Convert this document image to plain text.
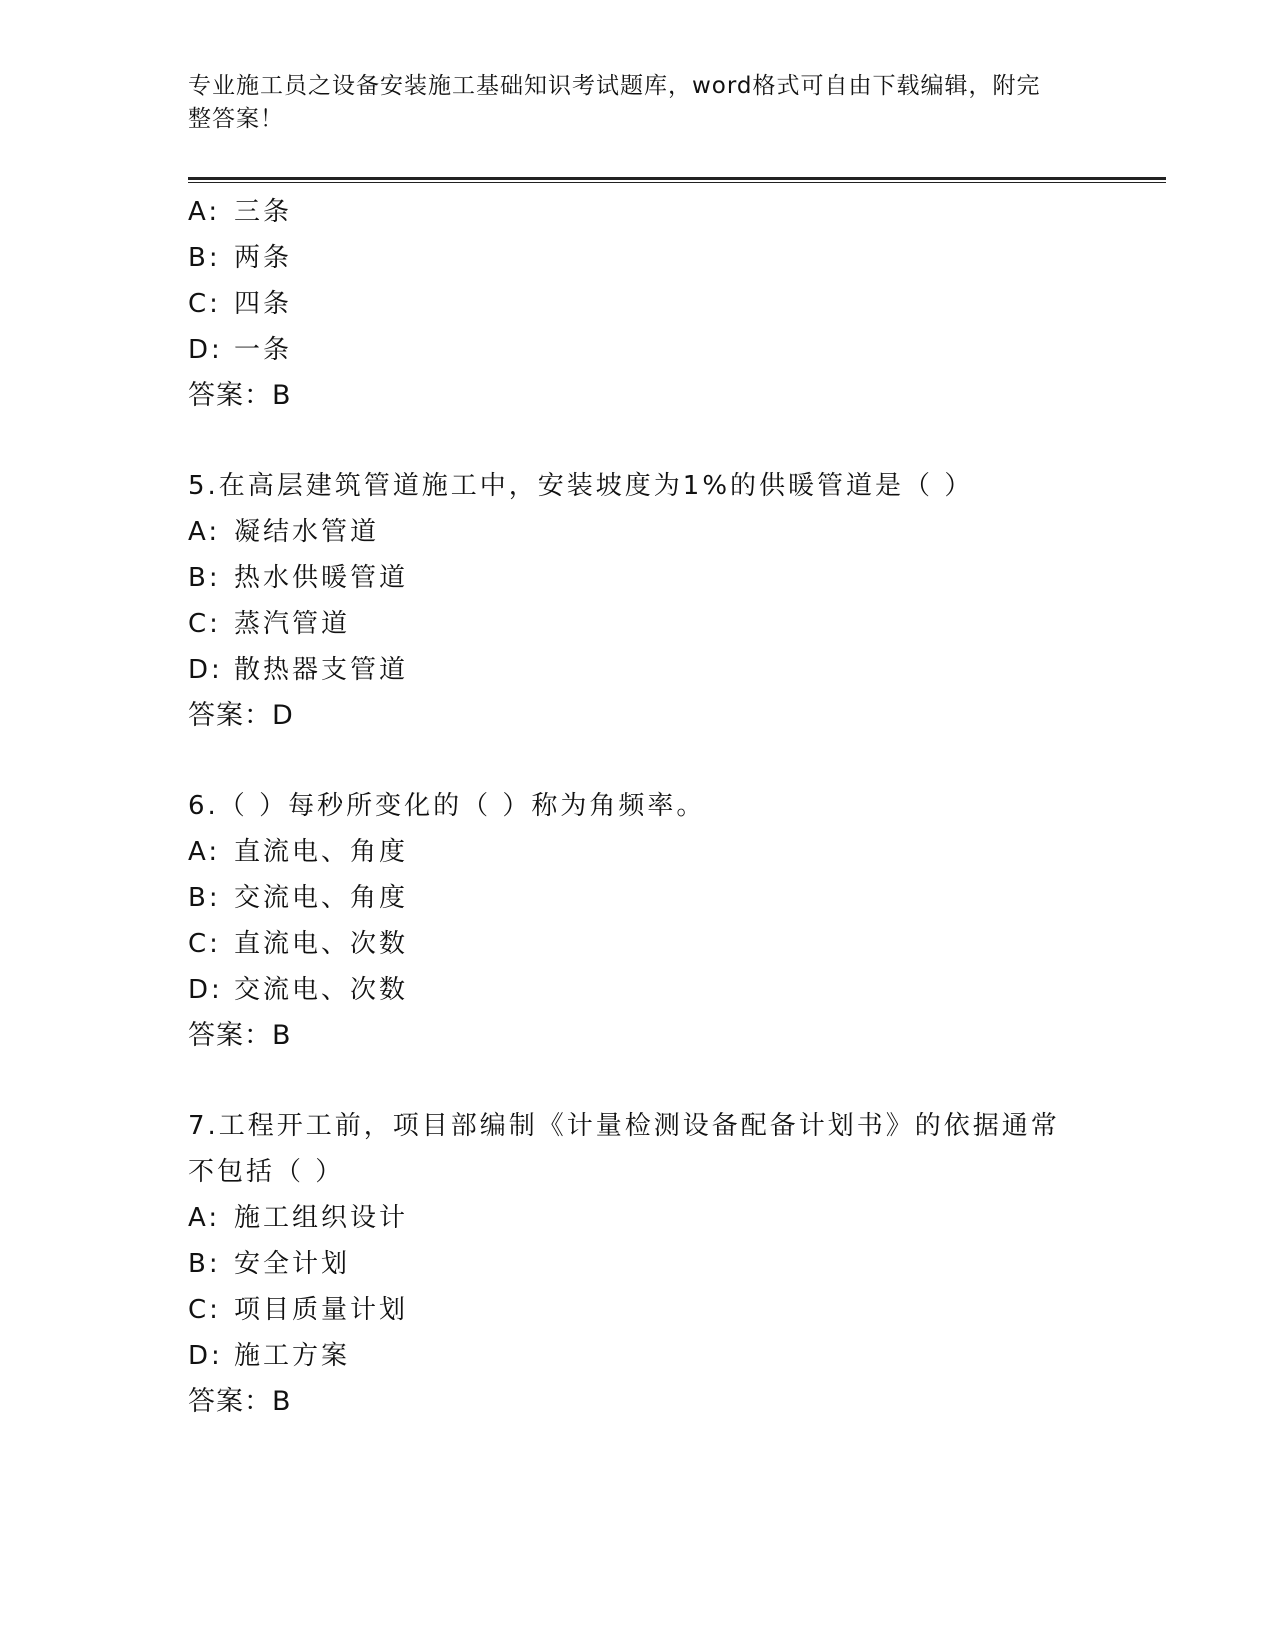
专业施工员之设备安装施工基础知识考试题库，word格式可自由下载编辑，附完
整答案！
A: 三条
B: 两条
C: 四条
D: 一条
答案：B
5.在高层建筑管道施工中，安装坡度为1%的供暖管道是（ ）
A: 凝结水管道
B: 热水供暖管道
C: 蒸汽管道
D: 散热器支管道
答案：D
6.（ ）每秒所变化的（ ）称为角频率。
A: 直流电、角度
B: 交流电、角度
C: 直流电、次数
D: 交流电、次数
答案：B
7.工程开工前，项目部编制《计量检测设备配备计划书》的依据通常
不包括（ ）
A: 施工组织设计
B: 安全计划
C: 项目质量计划
D: 施工方案
答案：B
